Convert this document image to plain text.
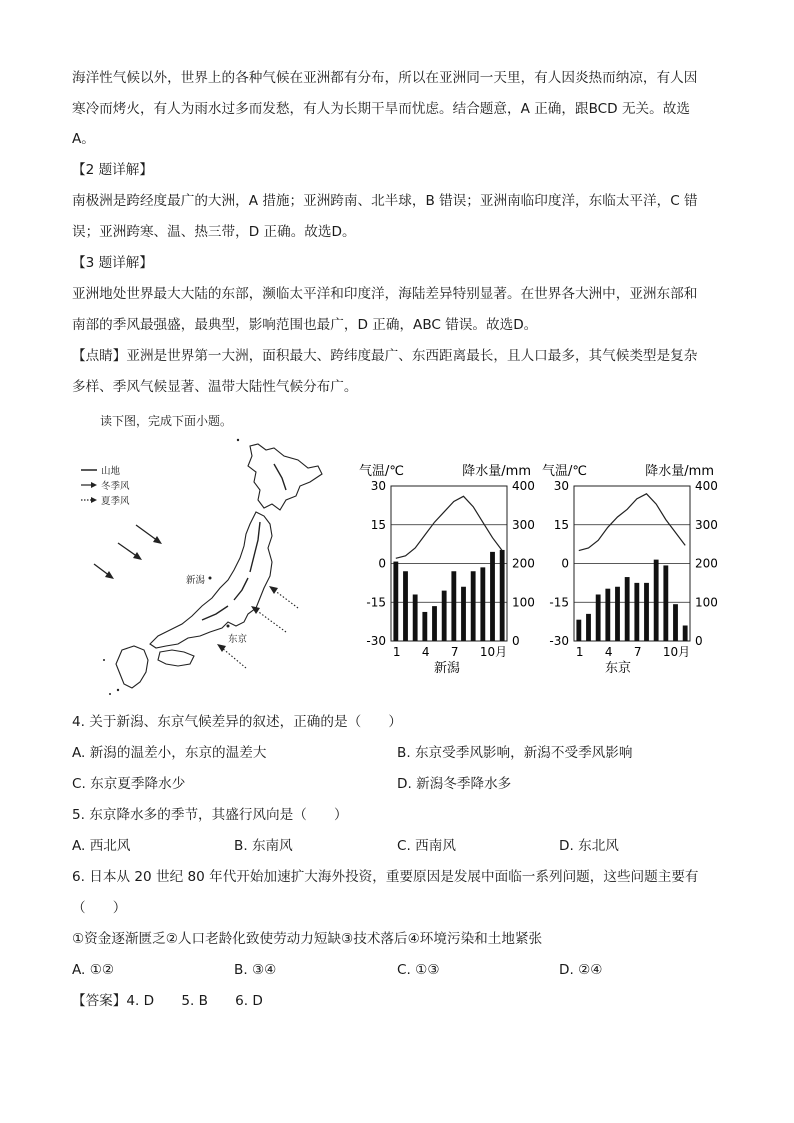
海洋性气候以外，世界上的各种气候在亚洲都有分布，所以在亚洲同一天里，有人因炎热而纳凉，有人因
寒冷而烤火，有人为雨水过多而发愁，有人为长期干旱而忧虑。结合题意，A 正确，跟BCD 无关。故选
A。
【2 题详解】
南极洲是跨经度最广的大洲，A 措施；亚洲跨南、北半球，B 错误；亚洲南临印度洋，东临太平洋，C 错
误；亚洲跨寒、温、热三带，D 正确。故选D。
【3 题详解】
亚洲地处世界最大大陆的东部，濒临太平洋和印度洋，海陆差异特别显著。在世界各大洲中，亚洲东部和
南部的季风最强盛，最典型，影响范围也最广，D 正确，ABC 错误。故选D。
【点睛】亚洲是世界第一大洲，面积最大、跨纬度最广、东西距离最长，且人口最多，其气候类型是复杂
多样、季风气候显著、温带大陆性气候分布广。
读下图，完成下面小题。
山地
冬季风
夏季风
新潟
东京
气温/℃	降水量/mm
30
15
0
-15
-30
400
300
200
100
0
1 4 7 10月
新潟
气温/℃	降水量/mm
30
15
0
-15
-30
400
300
200
100
0
1 4 7 10月
东京
4. 关于新潟、东京气候差异的叙述，正确的是（　　）
A. 新潟的温差小，东京的温差大	B. 东京受季风影响，新潟不受季风影响
C. 东京夏季降水少	D. 新潟冬季降水多
5. 东京降水多的季节，其盛行风向是（　　）
A. 西北风	B. 东南风	C. 西南风	D. 东北风
6. 日本从 20 世纪 80 年代开始加速扩大海外投资，重要原因是发展中面临一系列问题，这些问题主要有
（　　）
①资金逐渐匮乏②人口老龄化致使劳动力短缺③技术落后④环境污染和土地紧张
A. ①②	B. ③④	C. ①③	D. ②④
【答案】4. D　　5. B　　6. D
